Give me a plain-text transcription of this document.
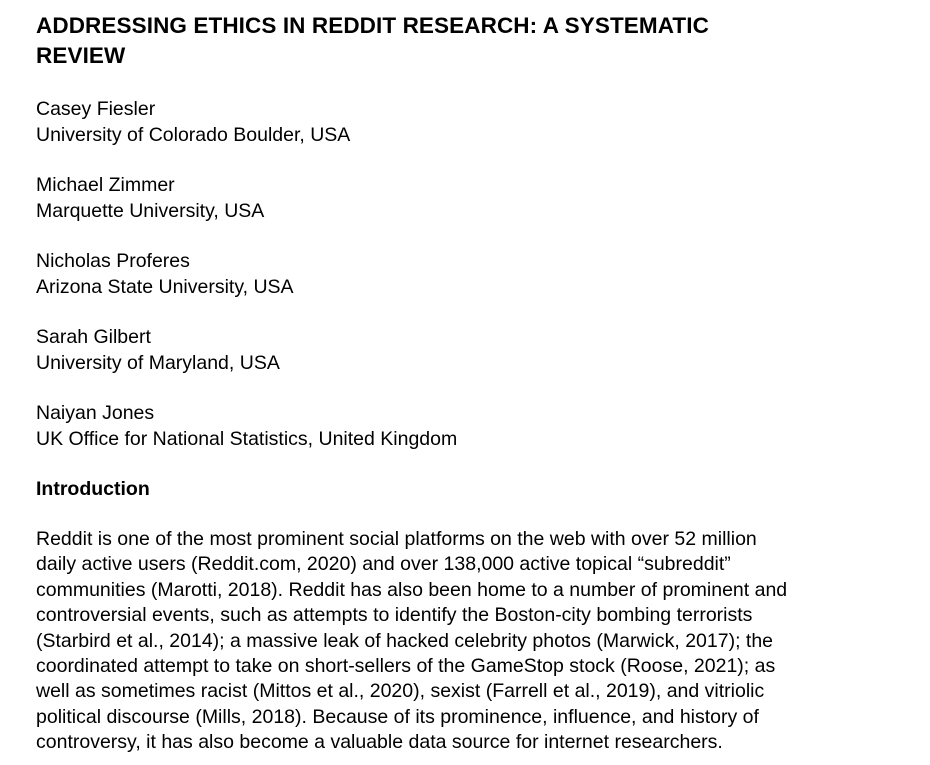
ADDRESSING ETHICS IN REDDIT RESEARCH: A SYSTEMATIC
REVIEW
Casey Fiesler
University of Colorado Boulder, USA
Michael Zimmer
Marquette University, USA
Nicholas Proferes
Arizona State University, USA
Sarah Gilbert
University of Maryland, USA
Naiyan Jones
UK Office for National Statistics, United Kingdom
Introduction

Reddit is one of the most prominent social platforms on the web with over 52 million
daily active users (Reddit.com, 2020) and over 138,000 active topical “subreddit”
communities (Marotti, 2018). Reddit has also been home to a number of prominent and
controversial events, such as attempts to identify the Boston-city bombing terrorists
(Starbird et al., 2014); a massive leak of hacked celebrity photos (Marwick, 2017); the
coordinated attempt to take on short-sellers of the GameStop stock (Roose, 2021); as
well as sometimes racist (Mittos et al., 2020), sexist (Farrell et al., 2019), and vitriolic
political discourse (Mills, 2018). Because of its prominence, influence, and history of
controversy, it has also become a valuable data source for internet researchers.
